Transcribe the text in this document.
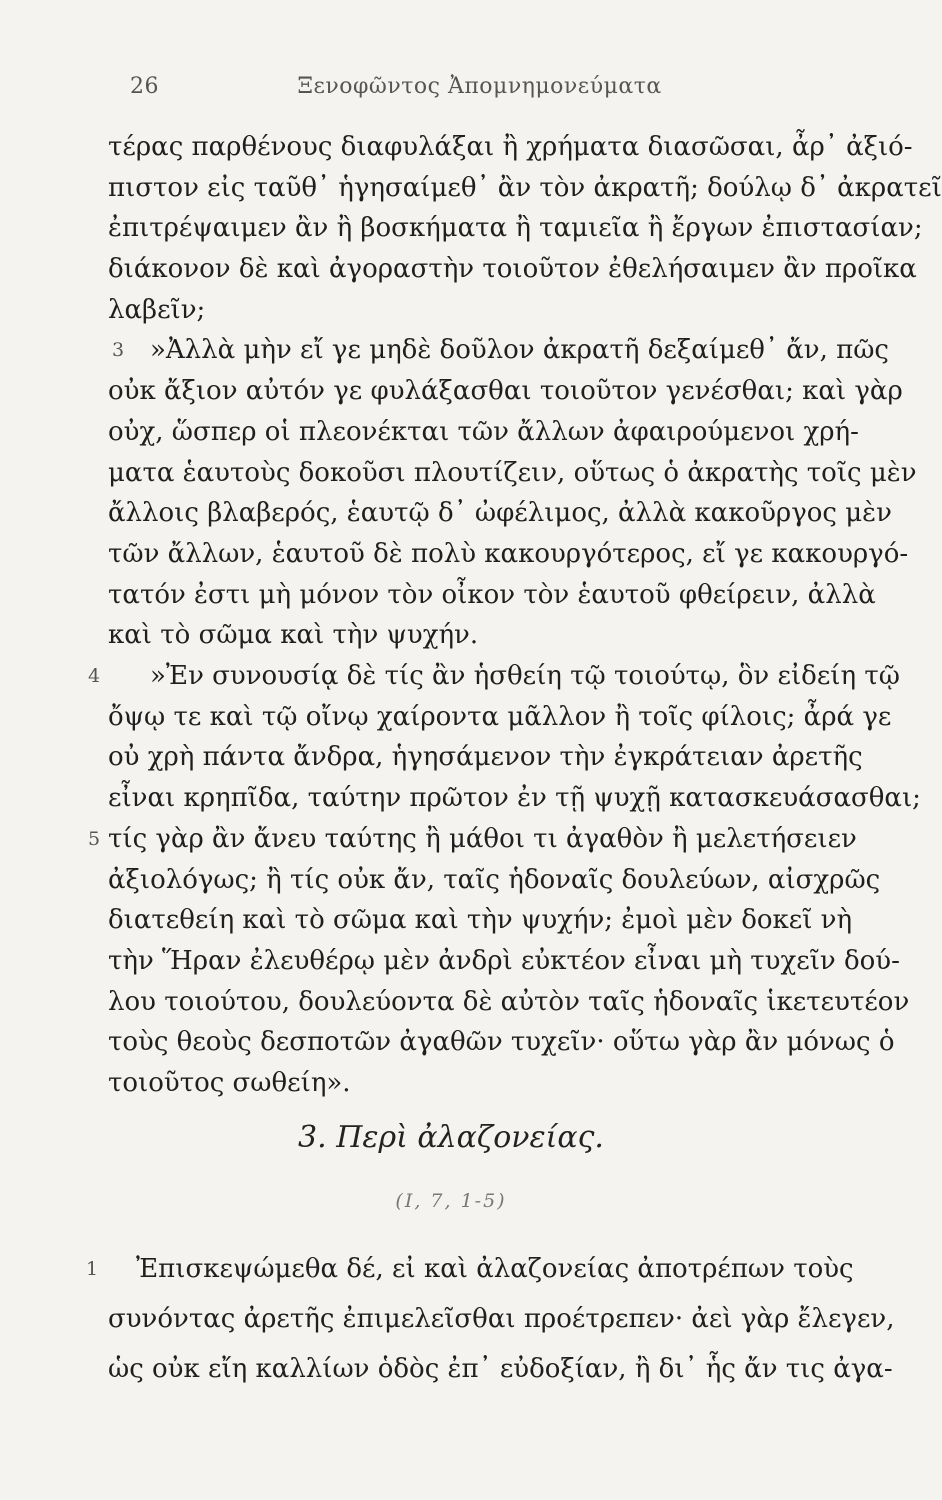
26	Ξενοφῶντος Ἀπομνημονεύματα
3. Περὶ ἀλαζονείας.
(I, 7, 1-5)
τέρας παρθένους διαφυλάξαι ἢ χρήματα διασῶσαι, ἆρ᾽ ἀξιό-
πιστον εἰς ταῦθ᾽ ἡγησαίμεθ᾽ ἂν τὸν ἀκρατῆ; δούλῳ δ᾽ ἀκρατεῖ
ἐπιτρέψαιμεν ἂν ἢ βοσκήματα ἢ ταμιεῖα ἢ ἔργων ἐπιστασίαν;
διάκονον δὲ καὶ ἀγοραστὴν τοιοῦτον ἐθελήσαιμεν ἂν προῖκα
λαβεῖν;
»Ἀλλὰ μὴν εἴ γε μηδὲ δοῦλον ἀκρατῆ δεξαίμεθ᾽ ἄν, πῶς
3
οὐκ ἄξιον αὐτόν γε φυλάξασθαι τοιοῦτον γενέσθαι; καὶ γὰρ
οὐχ, ὥσπερ οἱ πλεονέκται τῶν ἄλλων ἀφαιρούμενοι χρή-
ματα ἑαυτοὺς δοκοῦσι πλουτίζειν, οὕτως ὁ ἀκρατὴς τοῖς μὲν
ἄλλοις βλαβερός, ἑαυτῷ δ᾽ ὠφέλιμος, ἀλλὰ κακοῦργος μὲν
τῶν ἄλλων, ἑαυτοῦ δὲ πολὺ κακουργότερος, εἴ γε κακουργό-
τατόν ἐστι μὴ μόνον τὸν οἶκον τὸν ἑαυτοῦ φθείρειν, ἀλλὰ
καὶ τὸ σῶμα καὶ τὴν ψυχήν.
»Ἐν συνουσίᾳ δὲ τίς ἂν ἡσθείη τῷ τοιούτῳ, ὃν εἰδείη τῷ
4
ὄψῳ τε καὶ τῷ οἴνῳ χαίροντα μᾶλλον ἢ τοῖς φίλοις; ἆρά γε
οὐ χρὴ πάντα ἄνδρα, ἡγησάμενον τὴν ἐγκράτειαν ἀρετῆς
εἶναι κρηπῖδα, ταύτην πρῶτον ἐν τῇ ψυχῇ κατασκευάσασθαι;
τίς γὰρ ἂν ἄνευ ταύτης ἢ μάθοι τι ἀγαθὸν ἢ μελετήσειεν
5
ἀξιολόγως; ἢ τίς οὐκ ἄν, ταῖς ἡδοναῖς δουλεύων, αἰσχρῶς
διατεθείη καὶ τὸ σῶμα καὶ τὴν ψυχήν; ἐμοὶ μὲν δοκεῖ νὴ
τὴν Ἥραν ἐλευθέρῳ μὲν ἀνδρὶ εὐκτέον εἶναι μὴ τυχεῖν δού-
λου τοιούτου, δουλεύοντα δὲ αὐτὸν ταῖς ἡδοναῖς ἱκετευτέον
τοὺς θεοὺς δεσποτῶν ἀγαθῶν τυχεῖν· οὕτω γὰρ ἂν μόνως ὁ
τοιοῦτος σωθείη».
Ἐπισκεψώμεθα δέ, εἰ καὶ ἀλαζονείας ἀποτρέπων τοὺς
συνόντας ἀρετῆς ἐπιμελεῖσθαι προέτρεπεν· ἀεὶ γὰρ ἔλεγεν,
ὡς οὐκ εἴη καλλίων ὁδὸς ἐπ᾽ εὐδοξίαν, ἢ δι᾽ ἧς ἄν τις ἀγα-
1
